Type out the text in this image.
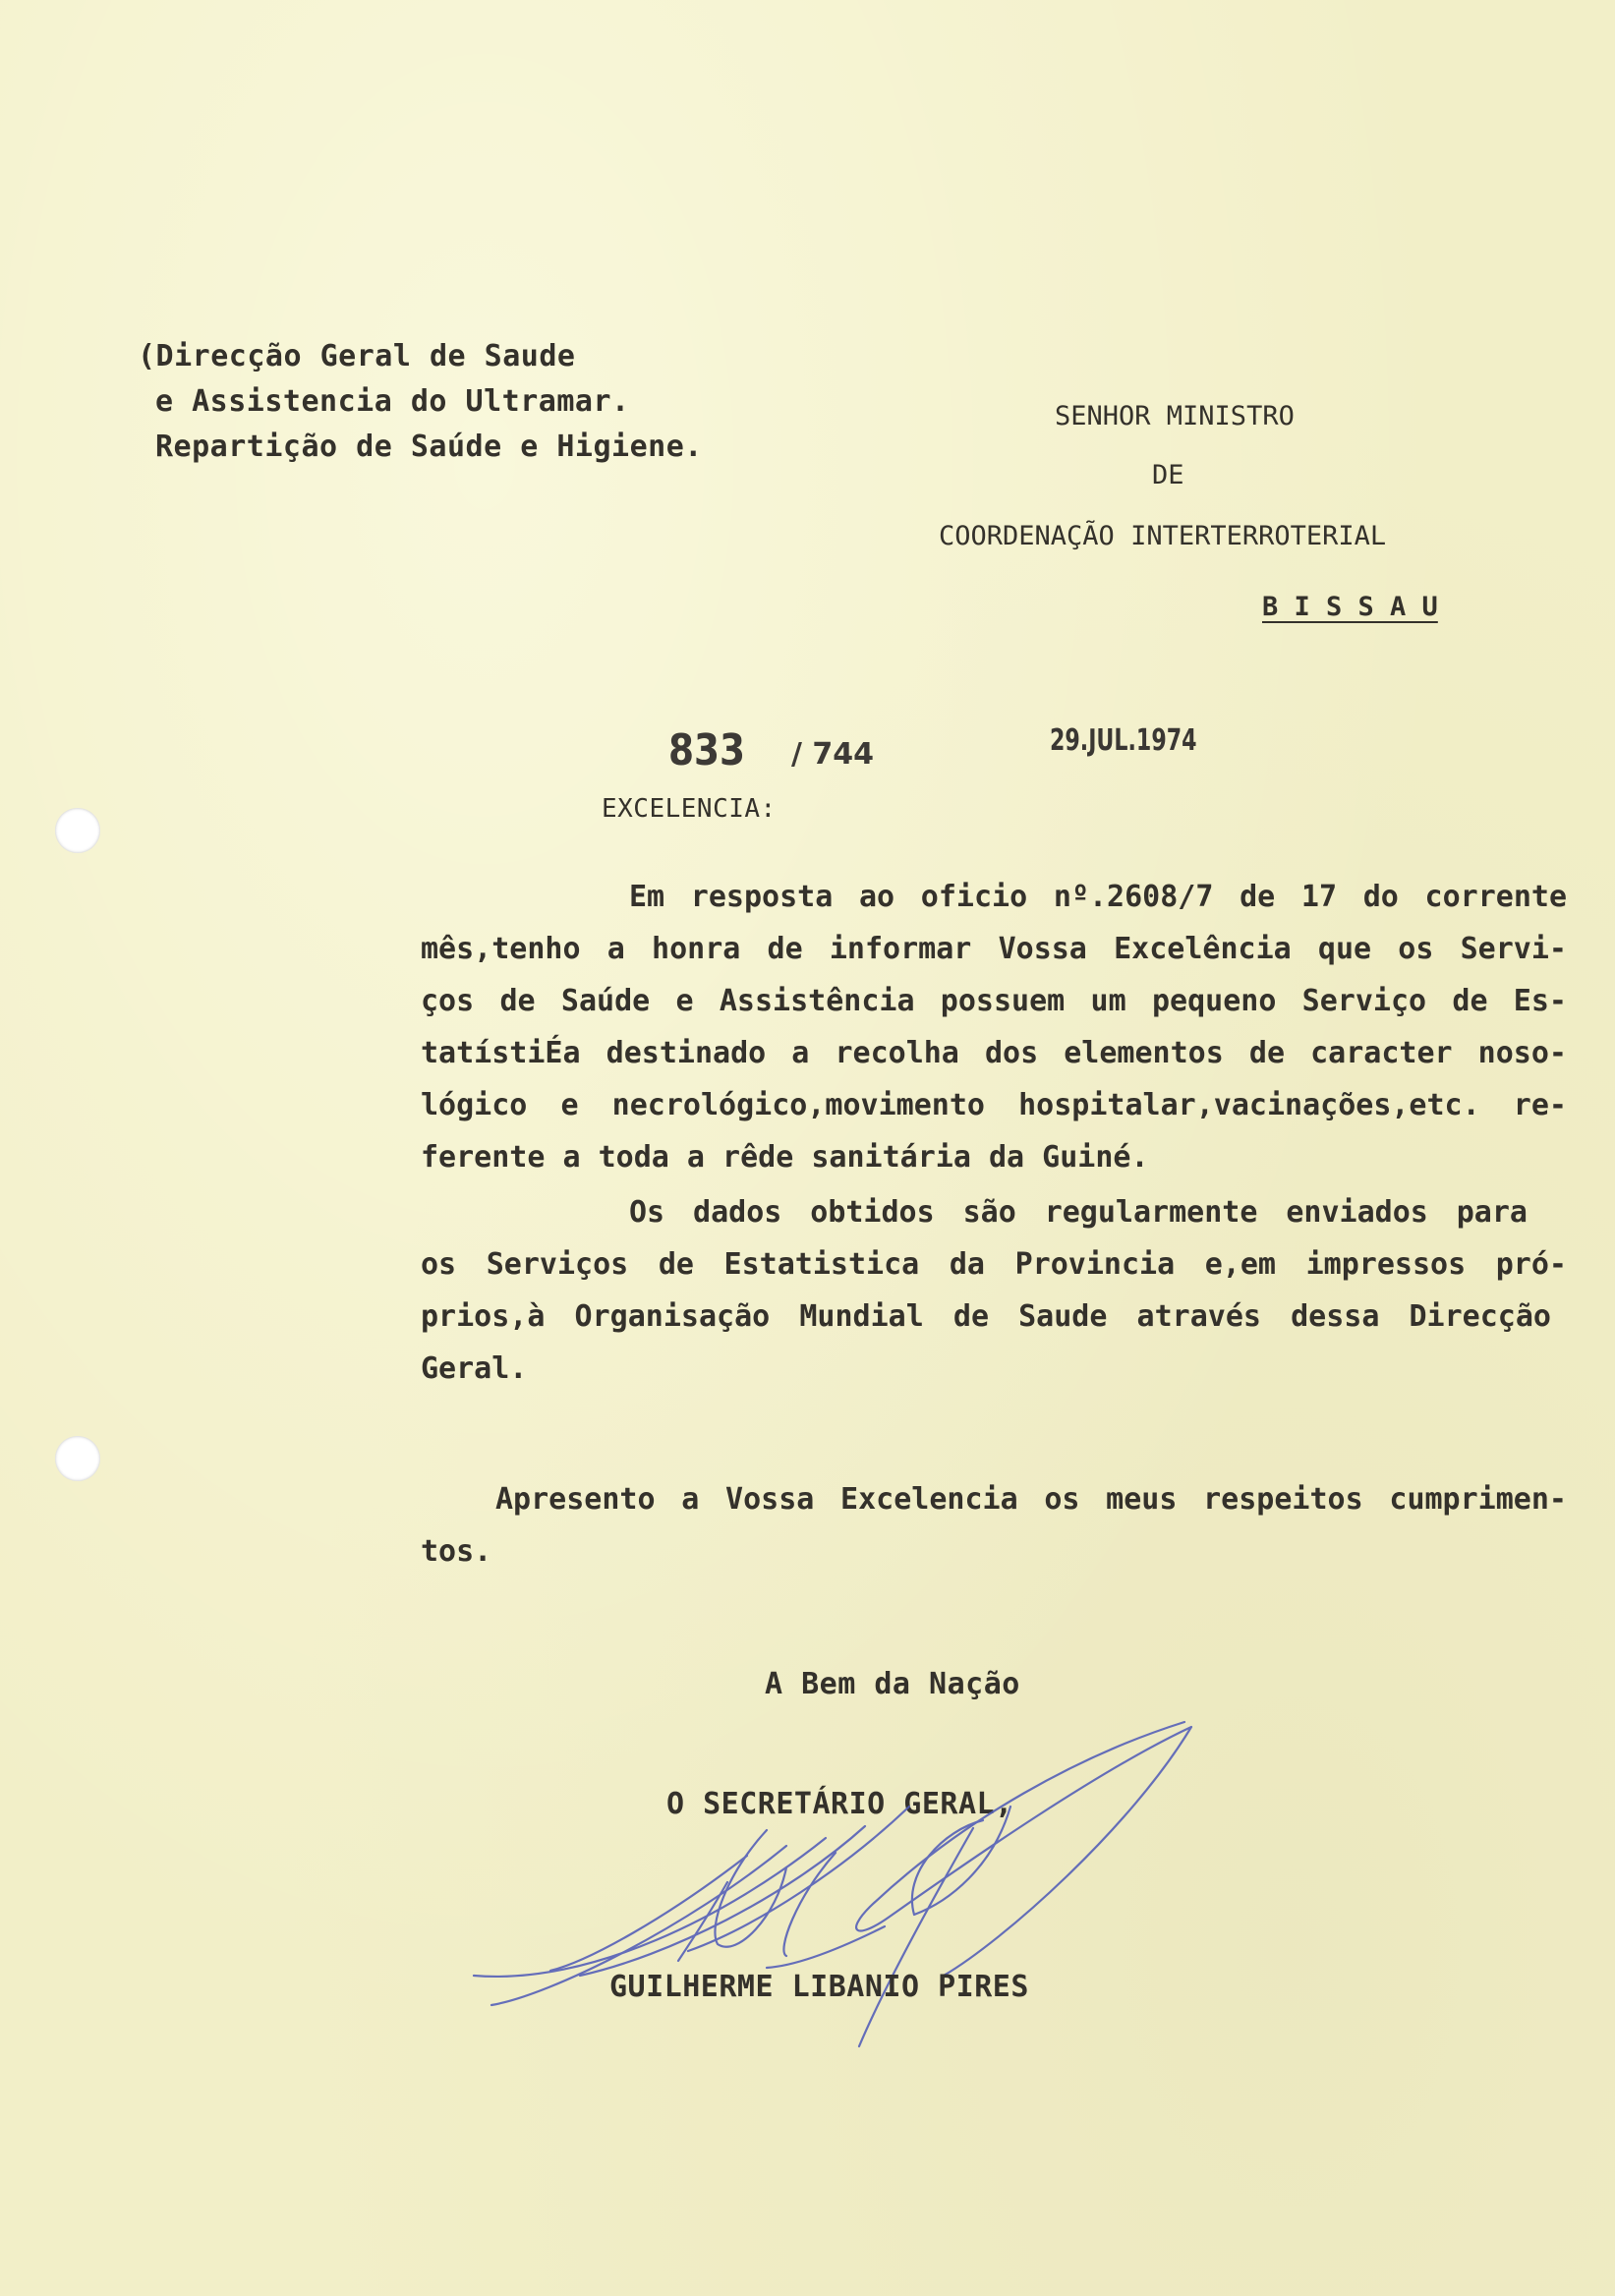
(Direcção Geral de Saude
e Assistencia do Ultramar.
Repartição de Saúde e Higiene.
SENHOR MINISTRO
DE
COORDENAÇÃO INTERTERROTERIAL
B I S S A U
833 / 744	29.JUL.1974
EXCELENCIA:

Em resposta ao oficio nº.2608/7 de 17 do corrente

mês,tenho a honra de informar Vossa Excelência que os Servi-

ços de Saúde e Assistência possuem um pequeno Serviço de Es-

tatístiÉa destinado a recolha dos elementos de caracter noso-

lógico e necrológico,movimento hospitalar,vacinações,etc. re-

ferente a toda a rêde sanitária da Guiné.

Os dados obtidos são regularmente enviados para

os Serviços de Estatistica da Provincia e,em impressos pró-

prios,à Organisação Mundial de Saude através dessa Direcção

Geral.

Apresento a Vossa Excelencia os meus respeitos cumprimen-

tos.

A Bem da Nação
O SECRETÁRIO GERAL,
GUILHERME LIBANIO PIRES
